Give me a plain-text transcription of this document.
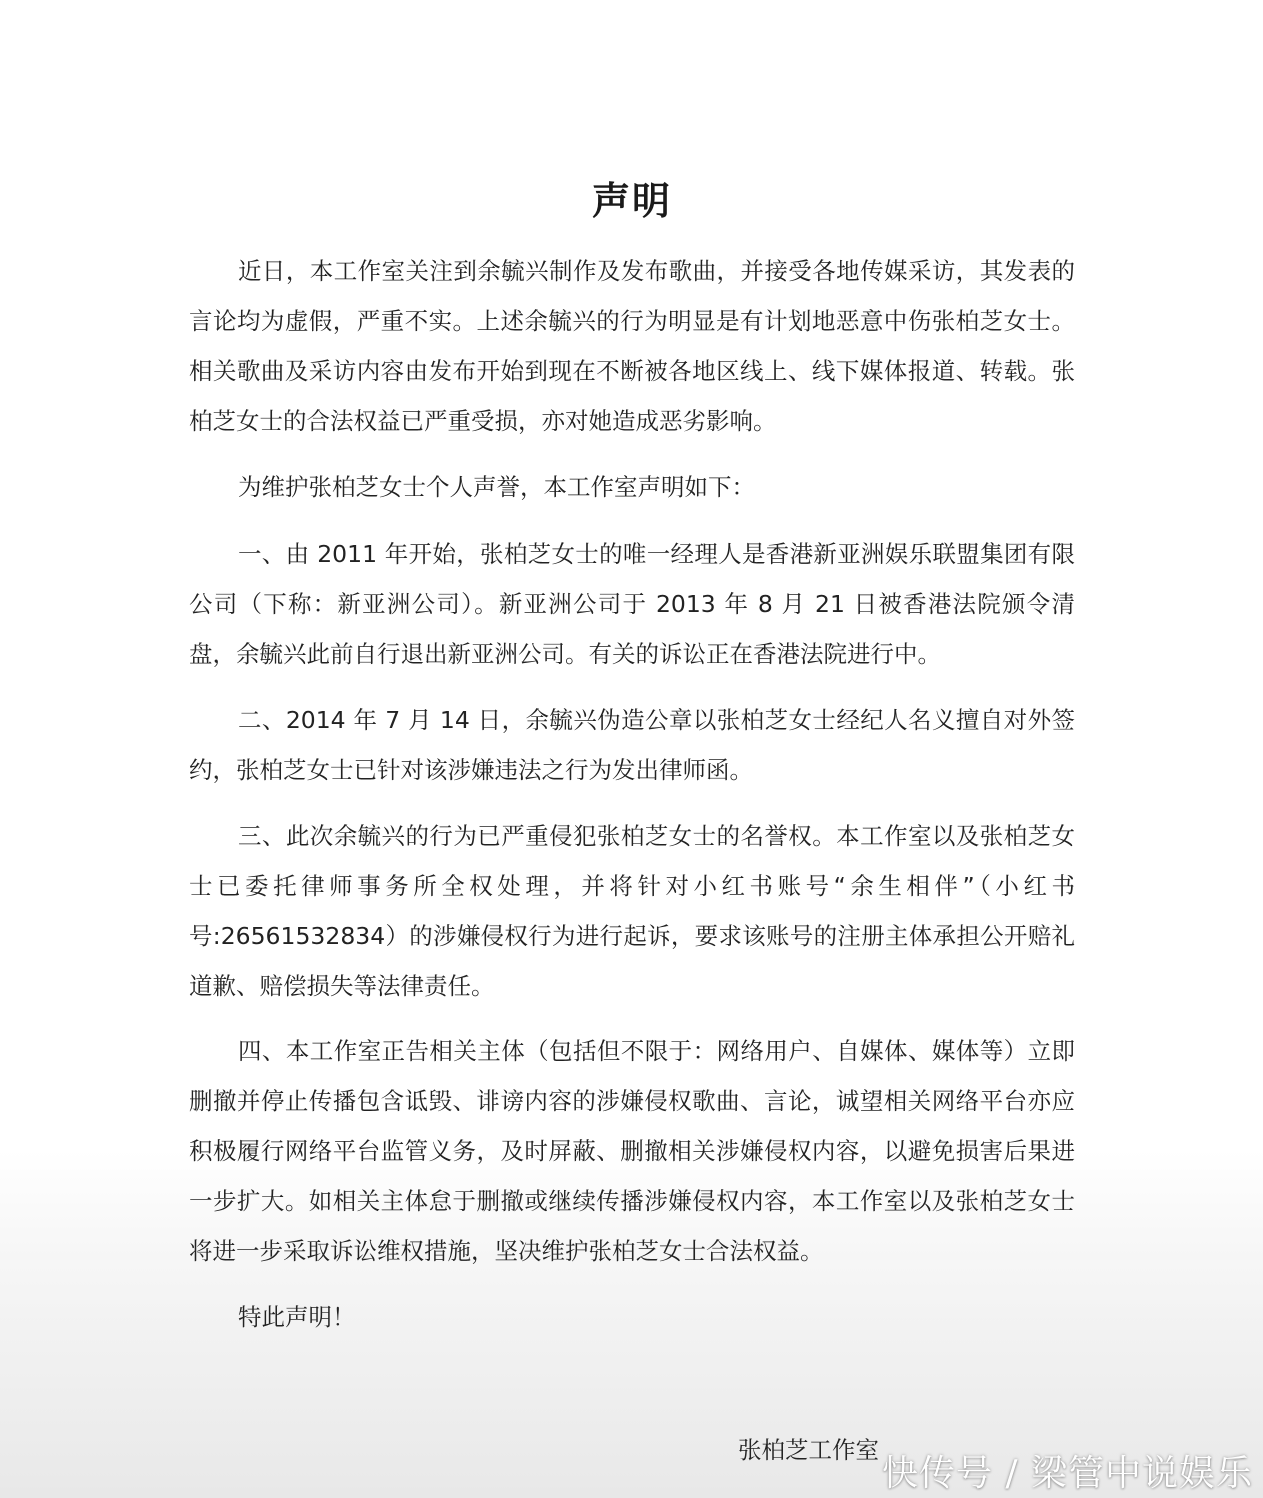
声明

近日，本工作室关注到余毓兴制作及发布歌曲，并接受各地传媒采访，其发表的言论均为虚假，严重不实。上述余毓兴的行为明显是有计划地恶意中伤张柏芝女士。相关歌曲及采访内容由发布开始到现在不断被各地区线上、线下媒体报道、转载。张柏芝女士的合法权益已严重受损，亦对她造成恶劣影响。

为维护张柏芝女士个人声誉，本工作室声明如下：

一、由 2011 年开始，张柏芝女士的唯一经理人是香港新亚洲娱乐联盟集团有限公司（下称：新亚洲公司）。新亚洲公司于 2013 年 8 月 21 日被香港法院颁令清盘，余毓兴此前自行退出新亚洲公司。有关的诉讼正在香港法院进行中。

二、2014 年 7 月 14 日，余毓兴伪造公章以张柏芝女士经纪人名义擅自对外签约，张柏芝女士已针对该涉嫌违法之行为发出律师函。

三、此次余毓兴的行为已严重侵犯张柏芝女士的名誉权。本工作室以及张柏芝女士已委托律师事务所全权处理，并将针对小红书账号“余生相伴”（小红书号:26561532834）的涉嫌侵权行为进行起诉，要求该账号的注册主体承担公开赔礼道歉、赔偿损失等法律责任。

四、本工作室正告相关主体（包括但不限于：网络用户、自媒体、媒体等）立即删撤并停止传播包含诋毁、诽谤内容的涉嫌侵权歌曲、言论，诚望相关网络平台亦应积极履行网络平台监管义务，及时屏蔽、删撤相关涉嫌侵权内容，以避免损害后果进一步扩大。如相关主体怠于删撤或继续传播涉嫌侵权内容，本工作室以及张柏芝女士将进一步采取诉讼维权措施，坚决维护张柏芝女士合法权益。

特此声明！

张柏芝工作室
快传号 / 梁管中说娱乐
